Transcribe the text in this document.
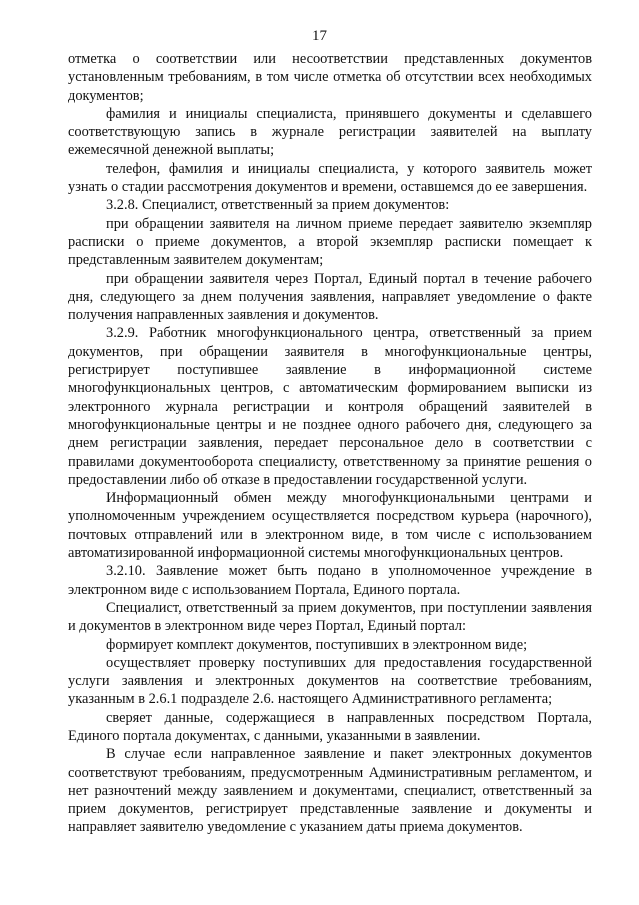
17

отметка о соответствии или несоответствии представленных документов установленным требованиям, в том числе отметка об отсутствии всех необходимых документов;

фамилия и инициалы специалиста, принявшего документы и сделавшего соответствующую запись в журнале регистрации заявителей на выплату ежемесячной денежной выплаты;

телефон, фамилия и инициалы специалиста, у которого заявитель может узнать о стадии рассмотрения документов и времени, оставшемся до ее завершения.

3.2.8. Специалист, ответственный за прием документов:

при обращении заявителя на личном приеме передает заявителю экземпляр расписки о приеме документов, а второй экземпляр расписки помещает к представленным заявителем документам;

при обращении заявителя через Портал, Единый портал в течение рабочего дня, следующего за днем получения заявления, направляет уведомление о факте получения направленных заявления и документов.

3.2.9. Работник многофункционального центра, ответственный за прием документов, при обращении заявителя в многофункциональные центры, регистрирует поступившее заявление в информационной системе многофункциональных центров, с автоматическим формированием выписки из электронного журнала регистрации и контроля обращений заявителей в многофункциональные центры и не позднее одного рабочего дня, следующего за днем регистрации заявления, передает персональное дело в соответствии с правилами документооборота специалисту, ответственному за принятие решения о предоставлении либо об отказе в предоставлении государственной услуги.

Информационный обмен между многофункциональными центрами и уполномоченным учреждением осуществляется посредством курьера (нарочного), почтовых отправлений или в электронном виде, в том числе с использованием автоматизированной информационной системы многофункциональных центров.

3.2.10. Заявление может быть подано в уполномоченное учреждение в электронном виде с использованием Портала, Единого портала.

Специалист, ответственный за прием документов, при поступлении заявления и документов в электронном виде через Портал, Единый портал:

формирует комплект документов, поступивших в электронном виде;

осуществляет проверку поступивших для предоставления государственной услуги заявления и электронных документов на соответствие требованиям, указанным в 2.6.1 подразделе 2.6. настоящего Административного регламента;

сверяет данные, содержащиеся в направленных посредством Портала, Единого портала документах, с данными, указанными в заявлении.

В случае если направленное заявление и пакет электронных документов соответствуют требованиям, предусмотренным Административным регламентом, и нет разночтений между заявлением и документами, специалист, ответственный за прием документов, регистрирует представленные заявление и документы и направляет заявителю уведомление с указанием даты приема документов.
